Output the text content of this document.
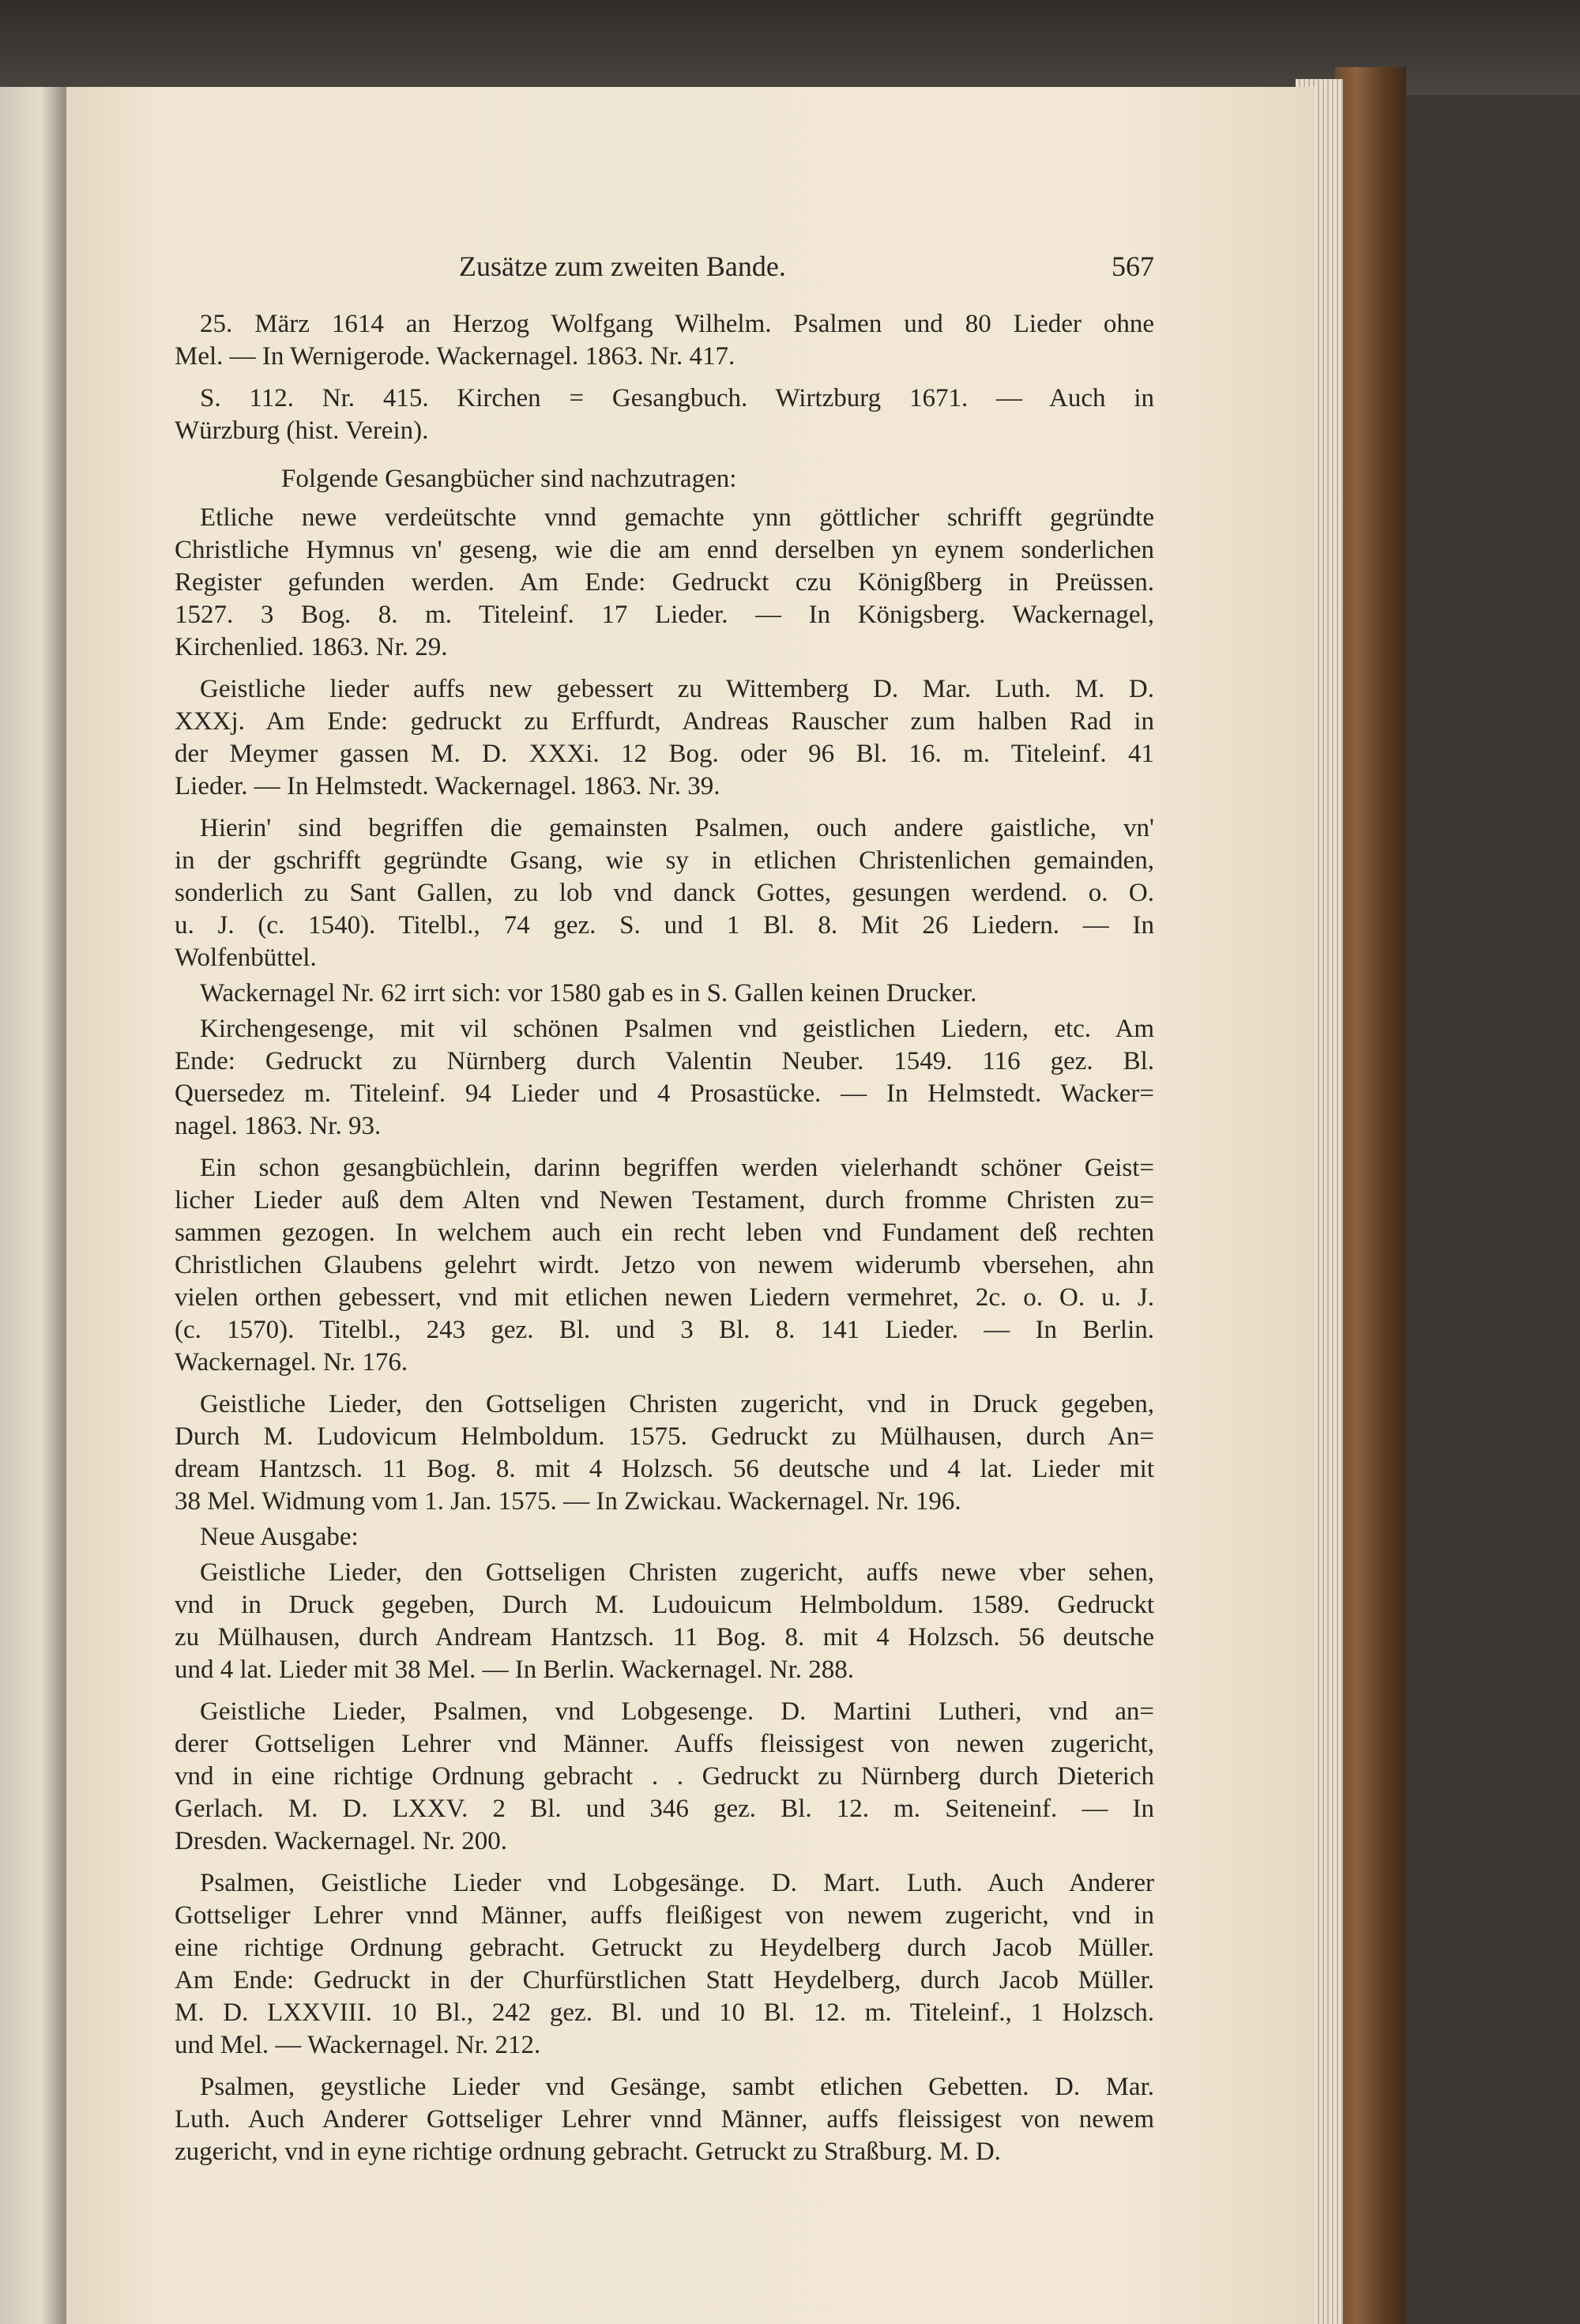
Zusätze zum zweiten Bande.	567
25. März 1614 an Herzog Wolfgang Wilhelm. Psalmen und 80 Lieder ohne
Mel. — In Wernigerode. Wackernagel. 1863. Nr. 417.
S. 112. Nr. 415. Kirchen = Gesangbuch. Wirtzburg 1671. — Auch in
Würzburg (hist. Verein).
Folgende Gesangbücher sind nachzutragen:
Etliche newe verdeütschte vnnd gemachte ynn göttlicher schrifft gegründte
Christliche Hymnus vn' geseng, wie die am ennd derselben yn eynem sonderlichen
Register gefunden werden. Am Ende: Gedruckt czu Königßberg in Preüssen.
1527. 3 Bog. 8. m. Titeleinf. 17 Lieder. — In Königsberg. Wackernagel,
Kirchenlied. 1863. Nr. 29.
Geistliche lieder auffs new gebessert zu Wittemberg D. Mar. Luth. M. D.
XXXj. Am Ende: gedruckt zu Erffurdt, Andreas Rauscher zum halben Rad in
der Meymer gassen M. D. XXXi. 12 Bog. oder 96 Bl. 16. m. Titeleinf. 41
Lieder. — In Helmstedt. Wackernagel. 1863. Nr. 39.
Hierin' sind begriffen die gemainsten Psalmen, ouch andere gaistliche, vn'
in der gschrifft gegründte Gsang, wie sy in etlichen Christenlichen gemainden,
sonderlich zu Sant Gallen, zu lob vnd danck Gottes, gesungen werdend. o. O.
u. J. (c. 1540). Titelbl., 74 gez. S. und 1 Bl. 8. Mit 26 Liedern. — In
Wolfenbüttel.
Wackernagel Nr. 62 irrt sich: vor 1580 gab es in S. Gallen keinen Drucker.
Kirchengesenge, mit vil schönen Psalmen vnd geistlichen Liedern, etc. Am
Ende: Gedruckt zu Nürnberg durch Valentin Neuber. 1549. 116 gez. Bl.
Quersedez m. Titeleinf. 94 Lieder und 4 Prosastücke. — In Helmstedt. Wacker=
nagel. 1863. Nr. 93.
Ein schon gesangbüchlein, darinn begriffen werden vielerhandt schöner Geist=
licher Lieder auß dem Alten vnd Newen Testament, durch fromme Christen zu=
sammen gezogen. In welchem auch ein recht leben vnd Fundament deß rechten
Christlichen Glaubens gelehrt wirdt. Jetzo von newem widerumb vbersehen, ahn
vielen orthen gebessert, vnd mit etlichen newen Liedern vermehret, 2c. o. O. u. J.
(c. 1570). Titelbl., 243 gez. Bl. und 3 Bl. 8. 141 Lieder. — In Berlin.
Wackernagel. Nr. 176.
Geistliche Lieder, den Gottseligen Christen zugericht, vnd in Druck gegeben,
Durch M. Ludovicum Helmboldum. 1575. Gedruckt zu Mülhausen, durch An=
dream Hantzsch. 11 Bog. 8. mit 4 Holzsch. 56 deutsche und 4 lat. Lieder mit
38 Mel. Widmung vom 1. Jan. 1575. — In Zwickau. Wackernagel. Nr. 196.
Neue Ausgabe:
Geistliche Lieder, den Gottseligen Christen zugericht, auffs newe vber sehen,
vnd in Druck gegeben, Durch M. Ludouicum Helmboldum. 1589. Gedruckt
zu Mülhausen, durch Andream Hantzsch. 11 Bog. 8. mit 4 Holzsch. 56 deutsche
und 4 lat. Lieder mit 38 Mel. — In Berlin. Wackernagel. Nr. 288.
Geistliche Lieder, Psalmen, vnd Lobgesenge. D. Martini Lutheri, vnd an=
derer Gottseligen Lehrer vnd Männer. Auffs fleissigest von newen zugericht,
vnd in eine richtige Ordnung gebracht . . Gedruckt zu Nürnberg durch Dieterich
Gerlach. M. D. LXXV. 2 Bl. und 346 gez. Bl. 12. m. Seiteneinf. — In
Dresden. Wackernagel. Nr. 200.
Psalmen, Geistliche Lieder vnd Lobgesänge. D. Mart. Luth. Auch Anderer
Gottseliger Lehrer vnnd Männer, auffs fleißigest von newem zugericht, vnd in
eine richtige Ordnung gebracht. Getruckt zu Heydelberg durch Jacob Müller.
Am Ende: Gedruckt in der Churfürstlichen Statt Heydelberg, durch Jacob Müller.
M. D. LXXVIII. 10 Bl., 242 gez. Bl. und 10 Bl. 12. m. Titeleinf., 1 Holzsch.
und Mel. — Wackernagel. Nr. 212.
Psalmen, geystliche Lieder vnd Gesänge, sambt etlichen Gebetten. D. Mar.
Luth. Auch Anderer Gottseliger Lehrer vnnd Männer, auffs fleissigest von newem
zugericht, vnd in eyne richtige ordnung gebracht. Getruckt zu Straßburg. M. D.
